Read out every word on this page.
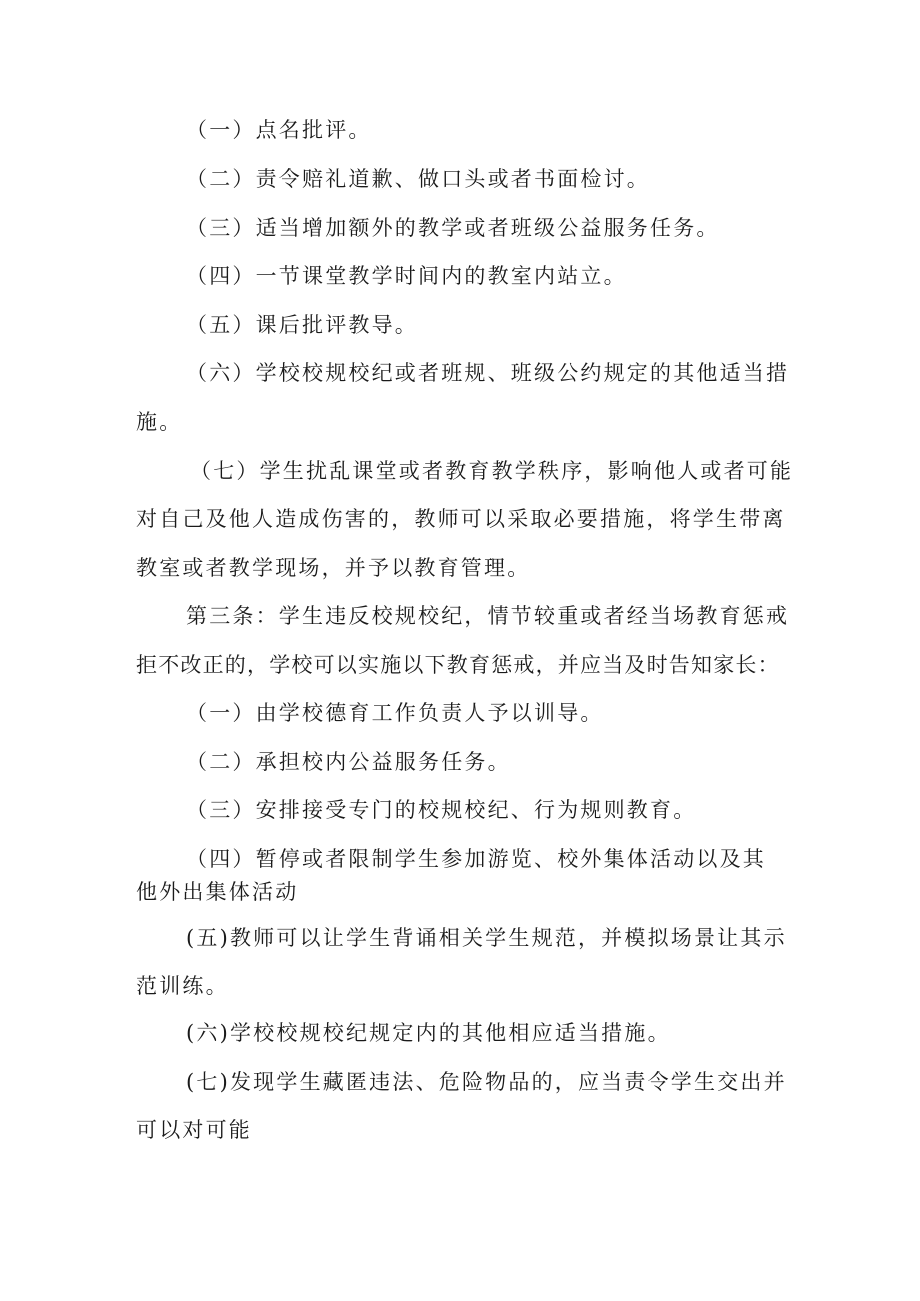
（一）点名批评。
（二）责令赔礼道歉、做口头或者书面检讨。
（三）适当增加额外的教学或者班级公益服务任务。
（四）一节课堂教学时间内的教室内站立。
（五）课后批评教导。
（六）学校校规校纪或者班规、班级公约规定的其他适当措
施。
（七）学生扰乱课堂或者教育教学秩序，影响他人或者可能
对自己及他人造成伤害的，教师可以采取必要措施，将学生带离
教室或者教学现场，并予以教育管理。
第三条：学生违反校规校纪，情节较重或者经当场教育惩戒
拒不改正的，学校可以实施以下教育惩戒，并应当及时告知家长：
（一）由学校德育工作负责人予以训导。
（二）承担校内公益服务任务。
（三）安排接受专门的校规校纪、行为规则教育。
（四）暂停或者限制学生参加游览、校外集体活动以及其
他外出集体活动
(五)教师可以让学生背诵相关学生规范，并模拟场景让其示
范训练。
(六)学校校规校纪规定内的其他相应适当措施。
(七)发现学生藏匿违法、危险物品的，应当责令学生交出并
可以对可能
